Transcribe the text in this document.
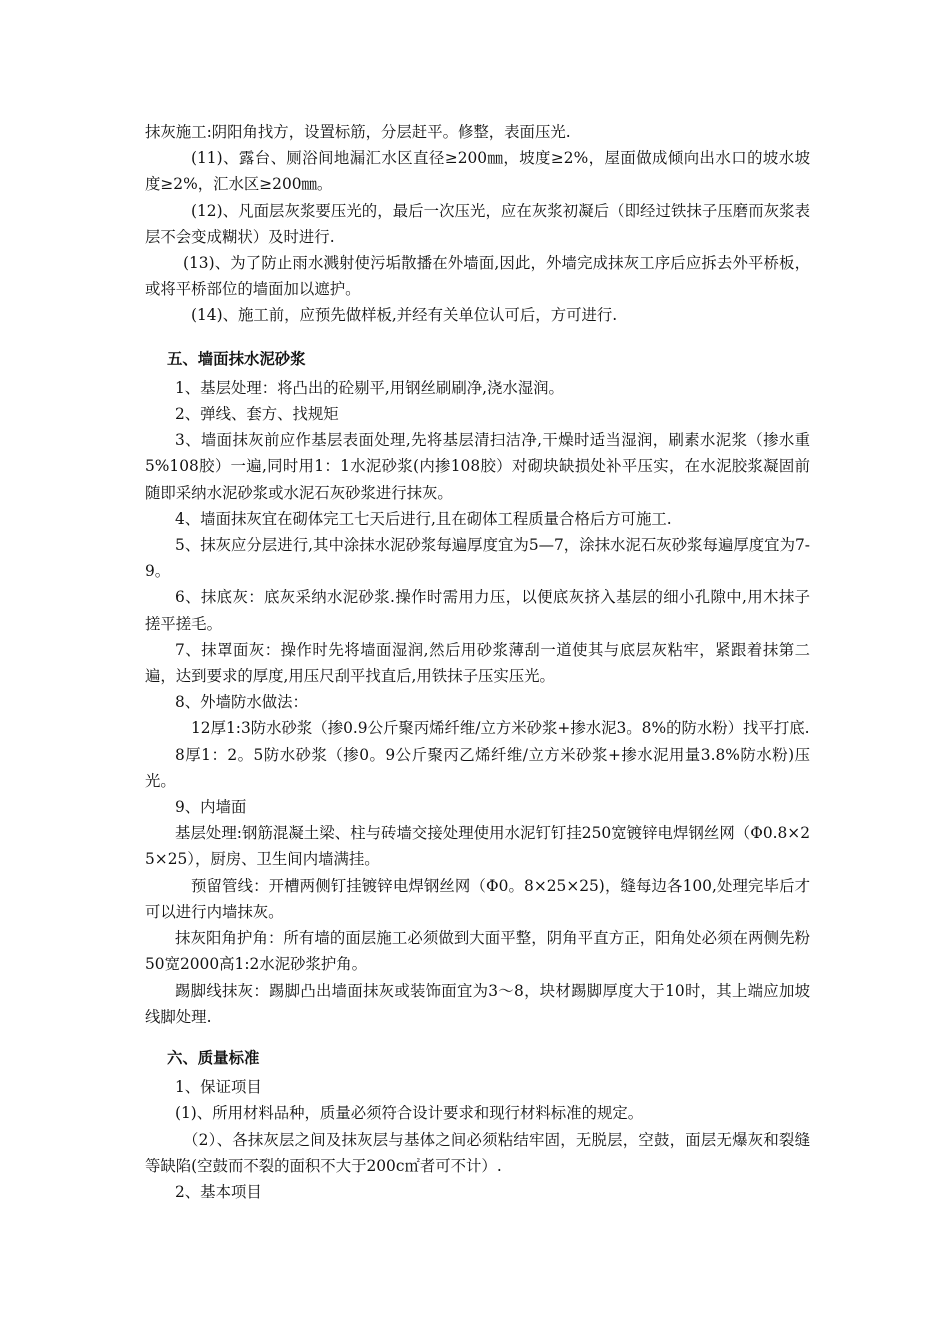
抹灰施工:阴阳角找方，设置标筋，分层赶平。修整，表面压光.

(11)、露台、厕浴间地漏汇水区直径≥200㎜，坡度≥2%，屋面做成倾向出水口的坡水坡度≥2%，汇水区≥200㎜。

(12)、凡面层灰浆要压光的，最后一次压光，应在灰浆初凝后（即经过铁抹子压磨而灰浆表层不会变成糊状）及时进行.

(13)、为了防止雨水溅射使污垢散播在外墙面,因此，外墙完成抹灰工序后应拆去外平桥板，或将平桥部位的墙面加以遮护。

(14)、施工前，应预先做样板,并经有关单位认可后，方可进行.

五、墙面抹水泥砂浆

1、基层处理：将凸出的砼剔平,用钢丝刷刷净,浇水湿润。

2、弹线、套方、找规矩

3、墙面抹灰前应作基层表面处理,先将基层清扫洁净,干燥时适当湿润，刷素水泥浆（掺水重5%108胶）一遍,同时用1：1水泥砂浆(内掺108胶）对砌块缺损处补平压实，在水泥胶浆凝固前随即采纳水泥砂浆或水泥石灰砂浆进行抹灰。

4、墙面抹灰宜在砌体完工七天后进行,且在砌体工程质量合格后方可施工.

5、抹灰应分层进行,其中涂抹水泥砂浆每遍厚度宜为5—7，涂抹水泥石灰砂浆每遍厚度宜为7-9。

6、抹底灰：底灰采纳水泥砂浆.操作时需用力压，以便底灰挤入基层的细小孔隙中,用木抹子搓平搓毛。

7、抹罩面灰：操作时先将墙面湿润,然后用砂浆薄刮一道使其与底层灰粘牢，紧跟着抹第二遍，达到要求的厚度,用压尺刮平找直后,用铁抹子压实压光。

8、外墙防水做法：

12厚1:3防水砂浆（掺0.9公斤聚丙烯纤维/立方米砂浆+掺水泥3。8%的防水粉）找平打底.

8厚1：2。5防水砂浆（掺0。9公斤聚丙乙烯纤维/立方米砂浆+掺水泥用量3.8%防水粉)压光。

9、内墙面

基层处理:钢筋混凝土梁、柱与砖墙交接处理使用水泥钉钉挂250宽镀锌电焊钢丝网（Φ0.8×25×25），厨房、卫生间内墙满挂。

预留管线：开槽两侧钉挂镀锌电焊钢丝网（Φ0。8×25×25)，缝每边各100,处理完毕后才可以进行内墙抹灰。

抹灰阳角护角：所有墙的面层施工必须做到大面平整，阴角平直方正，阳角处必须在两侧先粉50宽2000高1:2水泥砂浆护角。

踢脚线抹灰：踢脚凸出墙面抹灰或装饰面宜为3～8，块材踢脚厚度大于10时，其上端应加坡线脚处理.

六、质量标准

1、保证项目

(1)、所用材料品种，质量必须符合设计要求和现行材料标准的规定。

（2）、各抹灰层之间及抹灰层与基体之间必须粘结牢固，无脱层，空鼓，面层无爆灰和裂缝等缺陷(空鼓而不裂的面积不大于200c㎡者可不计）.

2、基本项目
